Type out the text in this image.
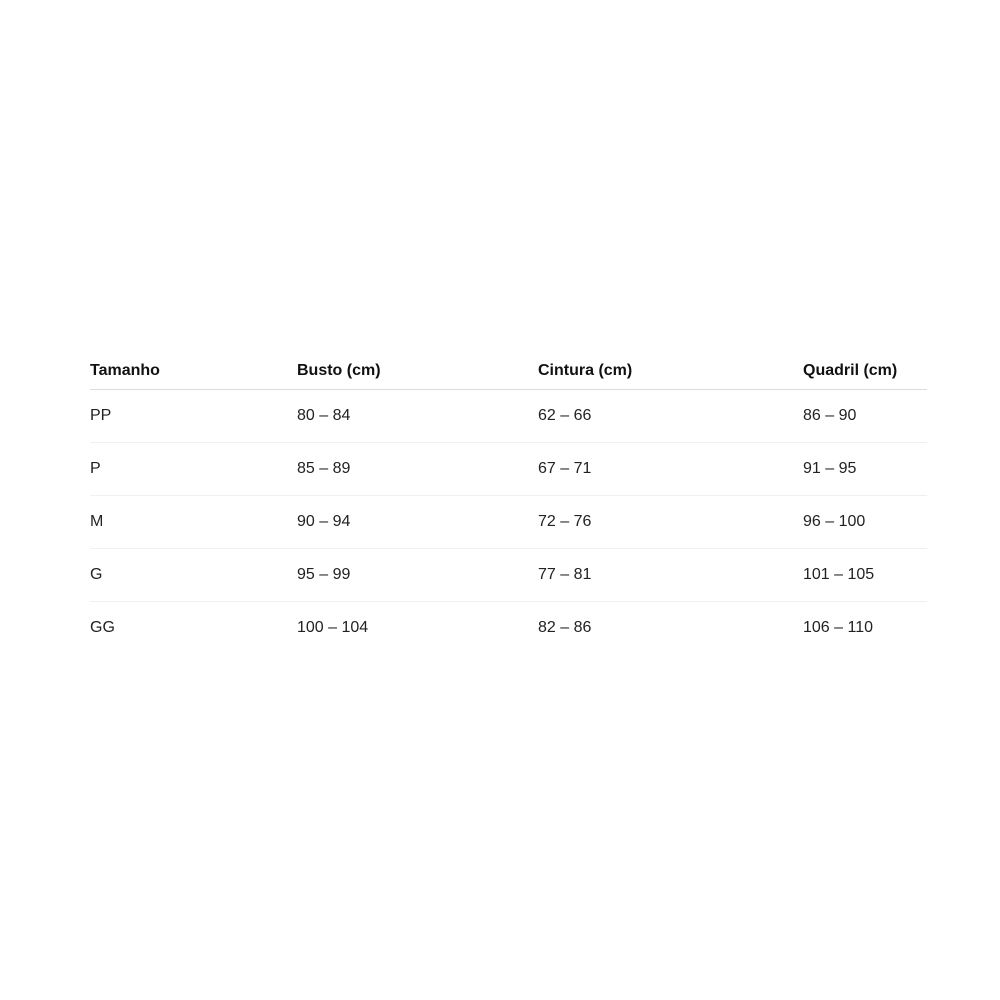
Tamanho	Busto (cm)	Cintura (cm)	Quadril (cm)
PP	80 – 84	62 – 66	86 – 90
P	85 – 89	67 – 71	91 – 95
M	90 – 94	72 – 76	96 – 100
G	95 – 99	77 – 81	101 – 105
GG	100 – 104	82 – 86	106 – 110
